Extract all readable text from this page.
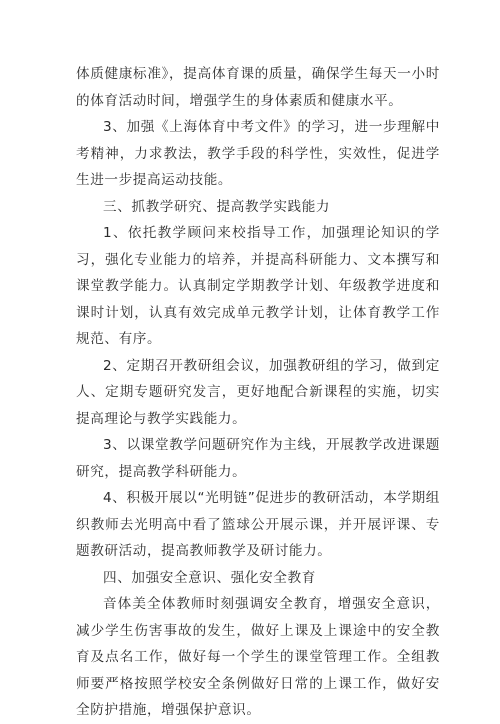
体质健康标准》，提高体育课的质量，确保学生每天一小时的体育活动时间，增强学生的身体素质和健康水平。

3、加强《上海体育中考文件》的学习，进一步理解中考精神，力求教法，教学手段的科学性，实效性，促进学生进一步提高运动技能。

三、抓教学研究、提高教学实践能力

1、依托教学顾问来校指导工作，加强理论知识的学习，强化专业能力的培养，并提高科研能力、文本撰写和课堂教学能力。认真制定学期教学计划、年级教学进度和课时计划，认真有效完成单元教学计划，让体育教学工作规范、有序。

2、定期召开教研组会议，加强教研组的学习，做到定人、定期专题研究发言，更好地配合新课程的实施，切实提高理论与教学实践能力。

3、以课堂教学问题研究作为主线，开展教学改进课题研究，提高教学科研能力。

4、积极开展以“光明链”促进步的教研活动，本学期组织教师去光明高中看了篮球公开展示课，并开展评课、专题教研活动，提高教师教学及研讨能力。

四、加强安全意识、强化安全教育

音体美全体教师时刻强调安全教育，增强安全意识，减少学生伤害事故的发生，做好上课及上课途中的安全教育及点名工作，做好每一个学生的课堂管理工作。全组教师要严格按照学校安全条例做好日常的上课工作，做好安全防护措施，增强保护意识。
